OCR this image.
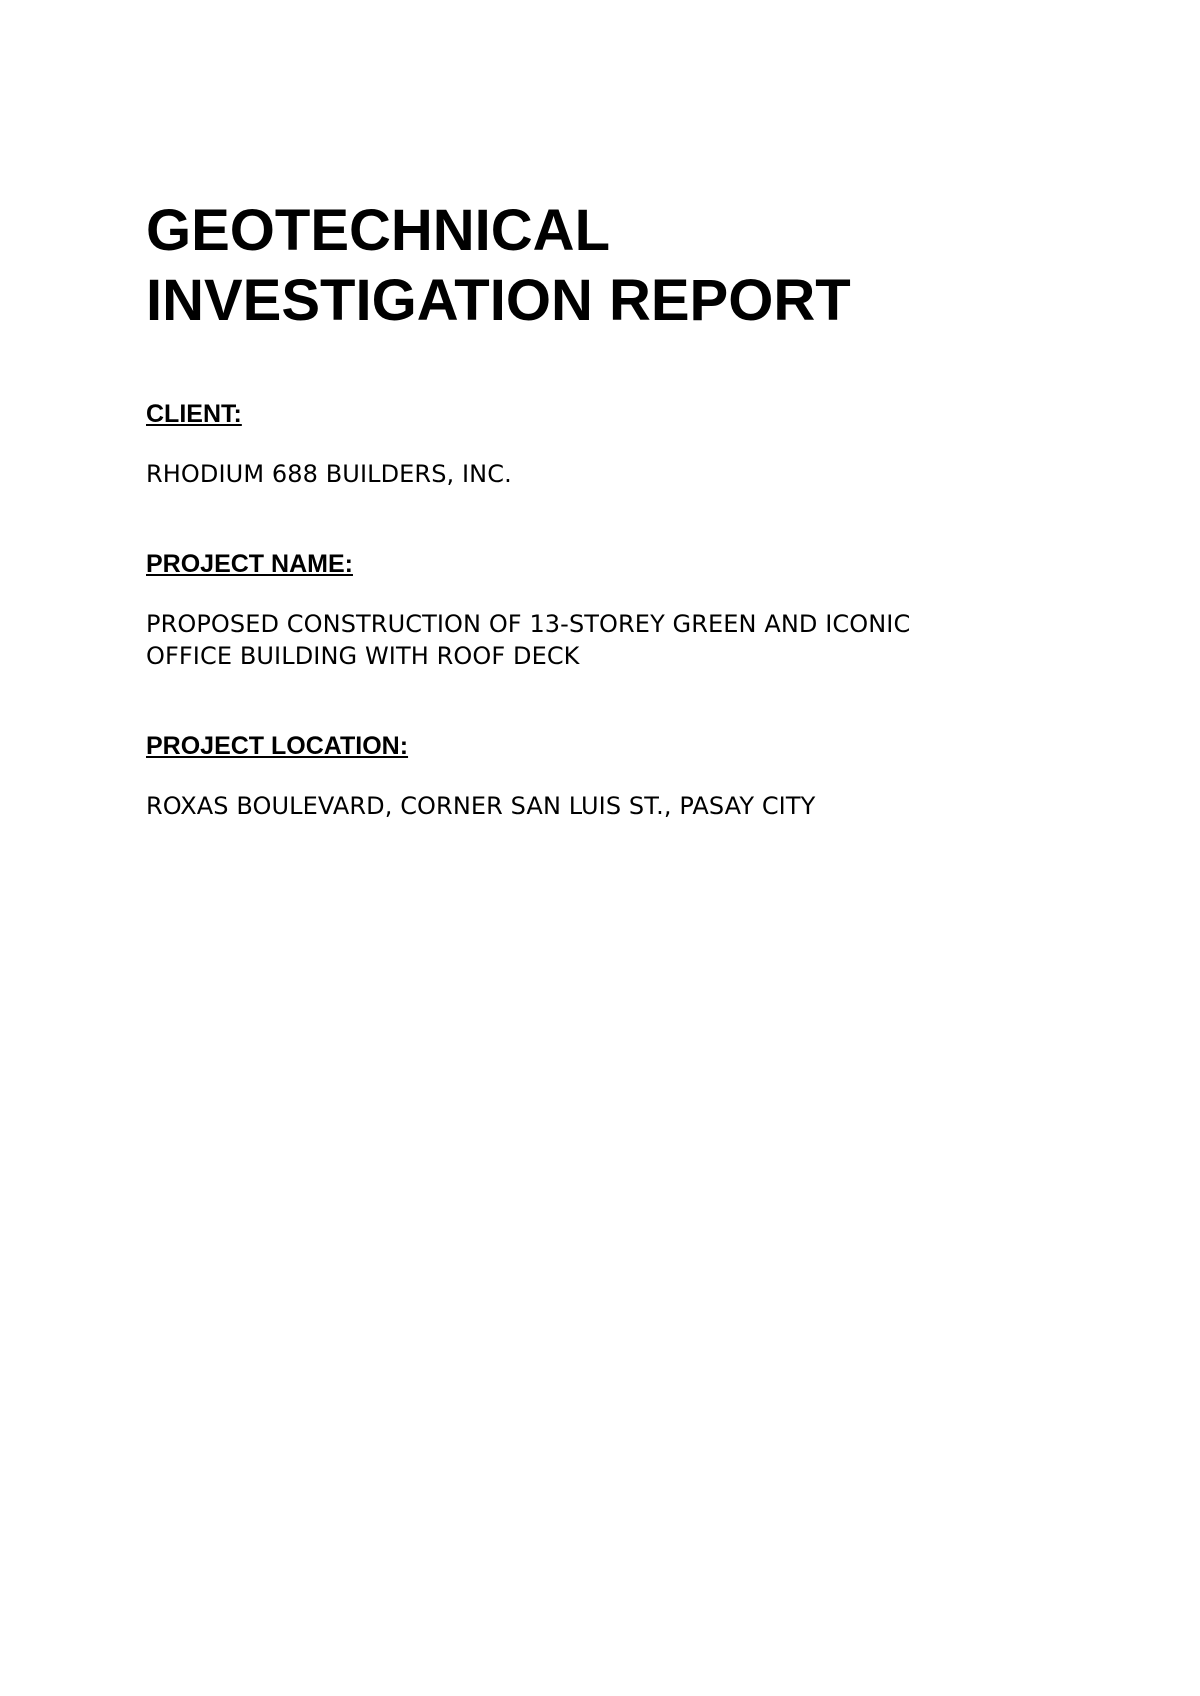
GEOTECHNICAL
INVESTIGATION REPORT

CLIENT:

RHODIUM 688 BUILDERS, INC.

PROJECT NAME:

PROPOSED CONSTRUCTION OF 13-STOREY GREEN AND ICONIC
OFFICE BUILDING WITH ROOF DECK

PROJECT LOCATION:

ROXAS BOULEVARD, CORNER SAN LUIS ST., PASAY CITY
